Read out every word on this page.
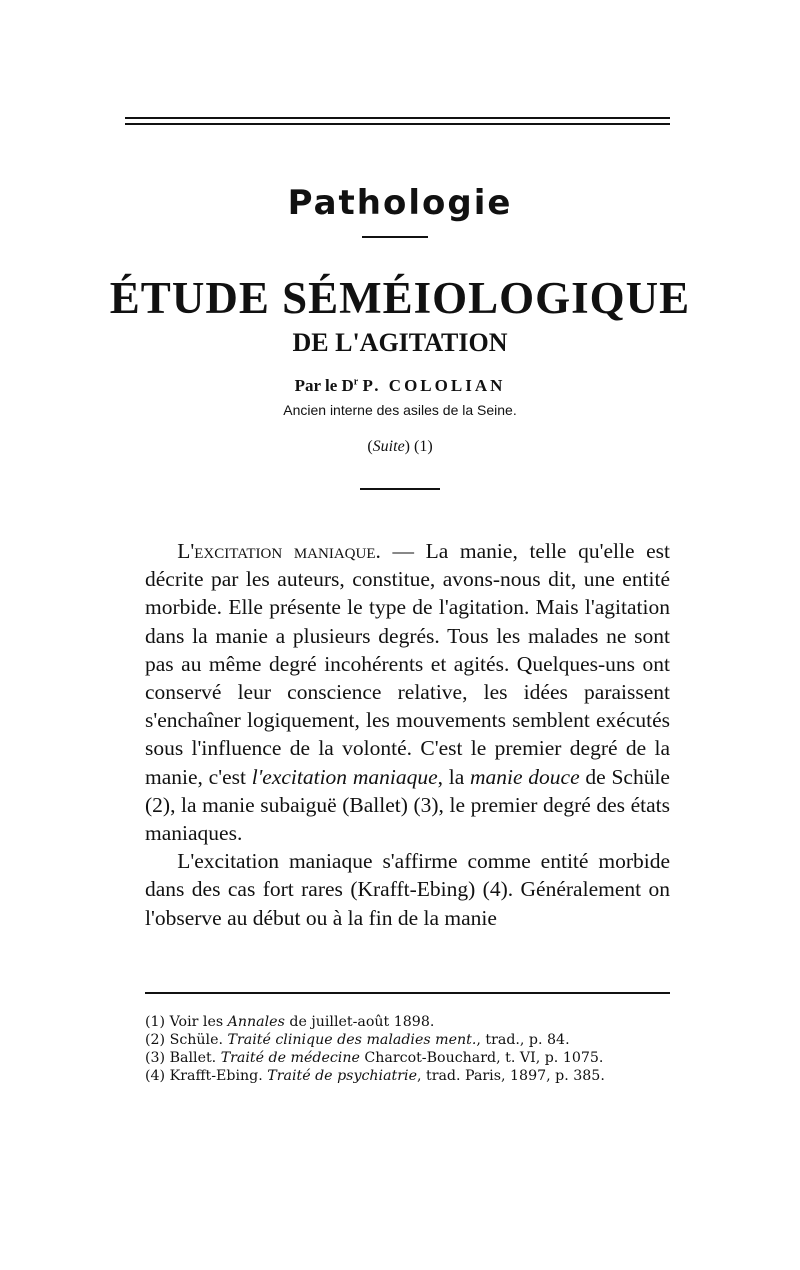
Pathologie
ÉTUDE SÉMÉIOLOGIQUE
DE L'AGITATION
Par le $D^r$ P. COLOLIAN
Ancien interne des asiles de la Seine.
(Suite) (1)

L'excitation maniaque. — La manie, telle qu'elle est décrite par les auteurs, constitue, avons-nous dit, une entité morbide. Elle présente le type de l'agitation. Mais l'agitation dans la manie a plusieurs degrés. Tous les malades ne sont pas au même degré incohérents et agités. Quelques-uns ont conservé leur conscience relative, les idées paraissent s'enchaîner logiquement, les mouvements semblent exécutés sous l'influence de la volonté. C'est le premier degré de la manie, c'est l'excitation maniaque, la manie douce de Schüle (2), la manie subaiguë (Ballet) (3), le premier degré des états maniaques.

L'excitation maniaque s'affirme comme entité morbide dans des cas fort rares (Krafft-Ebing) (4). Généralement on l'observe au début ou à la fin de la manie

(1) Voir les Annales de juillet-août 1898.

(2) Schüle. Traité clinique des maladies ment., trad., p. 84.

(3) Ballet. Traité de médecine Charcot-Bouchard, t. VI, p. 1075.

(4) Krafft-Ebing. Traité de psychiatrie, trad. Paris, 1897, p. 385.
